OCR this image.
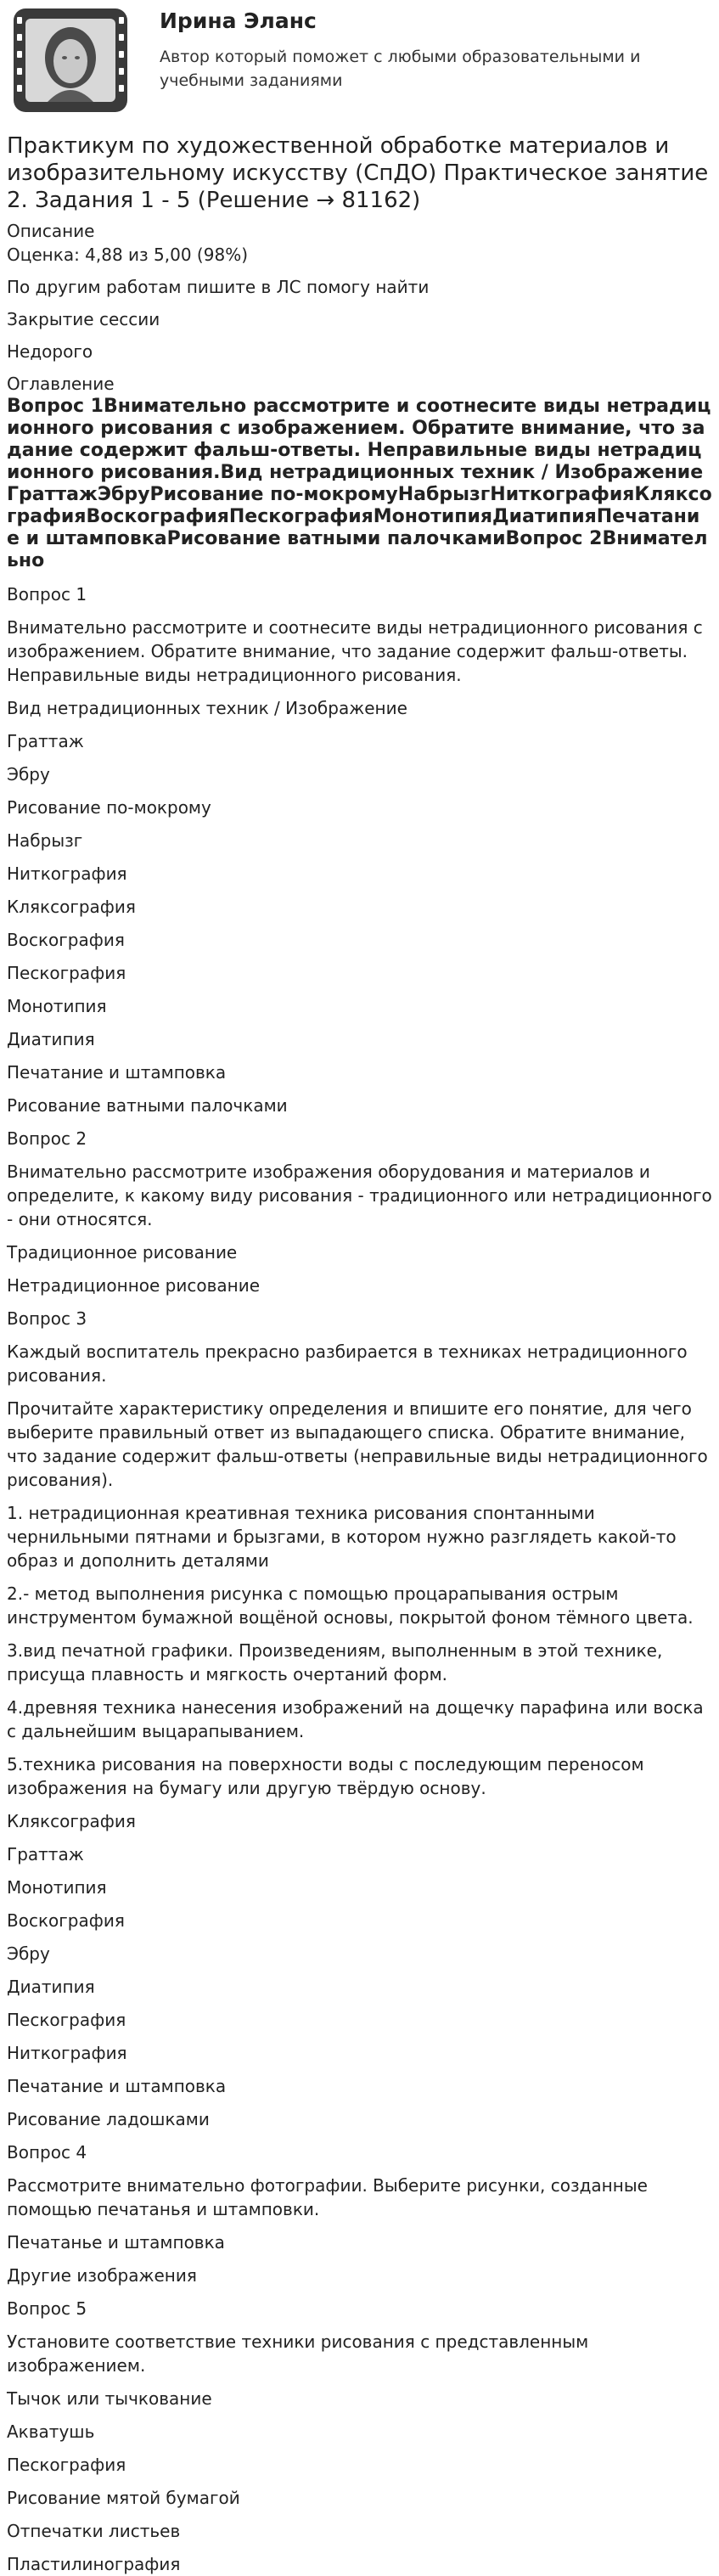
Ирина Эланс
Автор который поможет с любыми образовательными и учебными заданиями
Практикум по художественной обработке материалов и изобразительному искусству (СпДО) Практическое занятие 2. Задания 1 - 5 (Решение → 81162)
Описание
Оценка: 4,88 из 5,00 (98%)
По другим работам пишите в ЛС помогу найти
Закрытие сессии
Недорого
Оглавление
Вопрос 1Внимательно рассмотрите и соотнесите виды нетрадиционного рисования с изображением. Обратите внимание, что задание содержит фальш-ответы. Неправильные виды нетрадиционного рисования.Вид нетрадиционных техник / ИзображениеГраттажЭбруРисование по-мокромуНабрызгНиткографияКляксографияВоскографияПескографияМонотипияДиатипияПечатание и штамповкаРисование ватными палочкамиВопрос 2Внимательно
Вопрос 1
Внимательно рассмотрите и соотнесите виды нетрадиционного рисования с изображением. Обратите внимание, что задание содержит фальш-ответы. Неправильные виды нетрадиционного рисования.
Вид нетрадиционных техник / Изображение
Граттаж
Эбру
Рисование по-мокрому
Набрызг
Ниткография
Кляксография
Воскография
Пескография
Монотипия
Диатипия
Печатание и штамповка
Рисование ватными палочками
Вопрос 2
Внимательно рассмотрите изображения оборудования и материалов и определите, к какому виду рисования - традиционного или нетрадиционного - они относятся.
Традиционное рисование
Нетрадиционное рисование
Вопрос 3
Каждый воспитатель прекрасно разбирается в техниках нетрадиционного рисования.
Прочитайте характеристику определения и впишите его понятие, для чего выберите правильный ответ из выпадающего списка. Обратите внимание, что задание содержит фальш-ответы (неправильные виды нетрадиционного рисования).
1. нетрадиционная креативная техника рисования спонтанными чернильными пятнами и брызгами, в котором нужно разглядеть какой-то образ и дополнить деталями
2.- метод выполнения рисунка с помощью процарапывания острым инструментом бумажной вощёной основы, покрытой фоном тёмного цвета.
3.вид печатной графики. Произведениям, выполненным в этой технике, присуща плавность и мягкость очертаний форм.
4.древняя техника нанесения изображений на дощечку парафина или воска с дальнейшим выцарапыванием.
5.техника рисования на поверхности воды с последующим переносом изображения на бумагу или другую твёрдую основу.
Кляксография
Граттаж
Монотипия
Воскография
Эбру
Диатипия
Пескография
Ниткография
Печатание и штамповка
Рисование ладошками
Вопрос 4
Рассмотрите внимательно фотографии. Выберите рисунки, созданные помощью печатанья и штамповки.
Печатанье и штамповка
Другие изображения
Вопрос 5
Установите соответствие техники рисования с представленным изображением.
Тычок или тычкование
Акватушь
Пескография
Рисование мятой бумагой
Отпечатки листьев
Пластилинография
